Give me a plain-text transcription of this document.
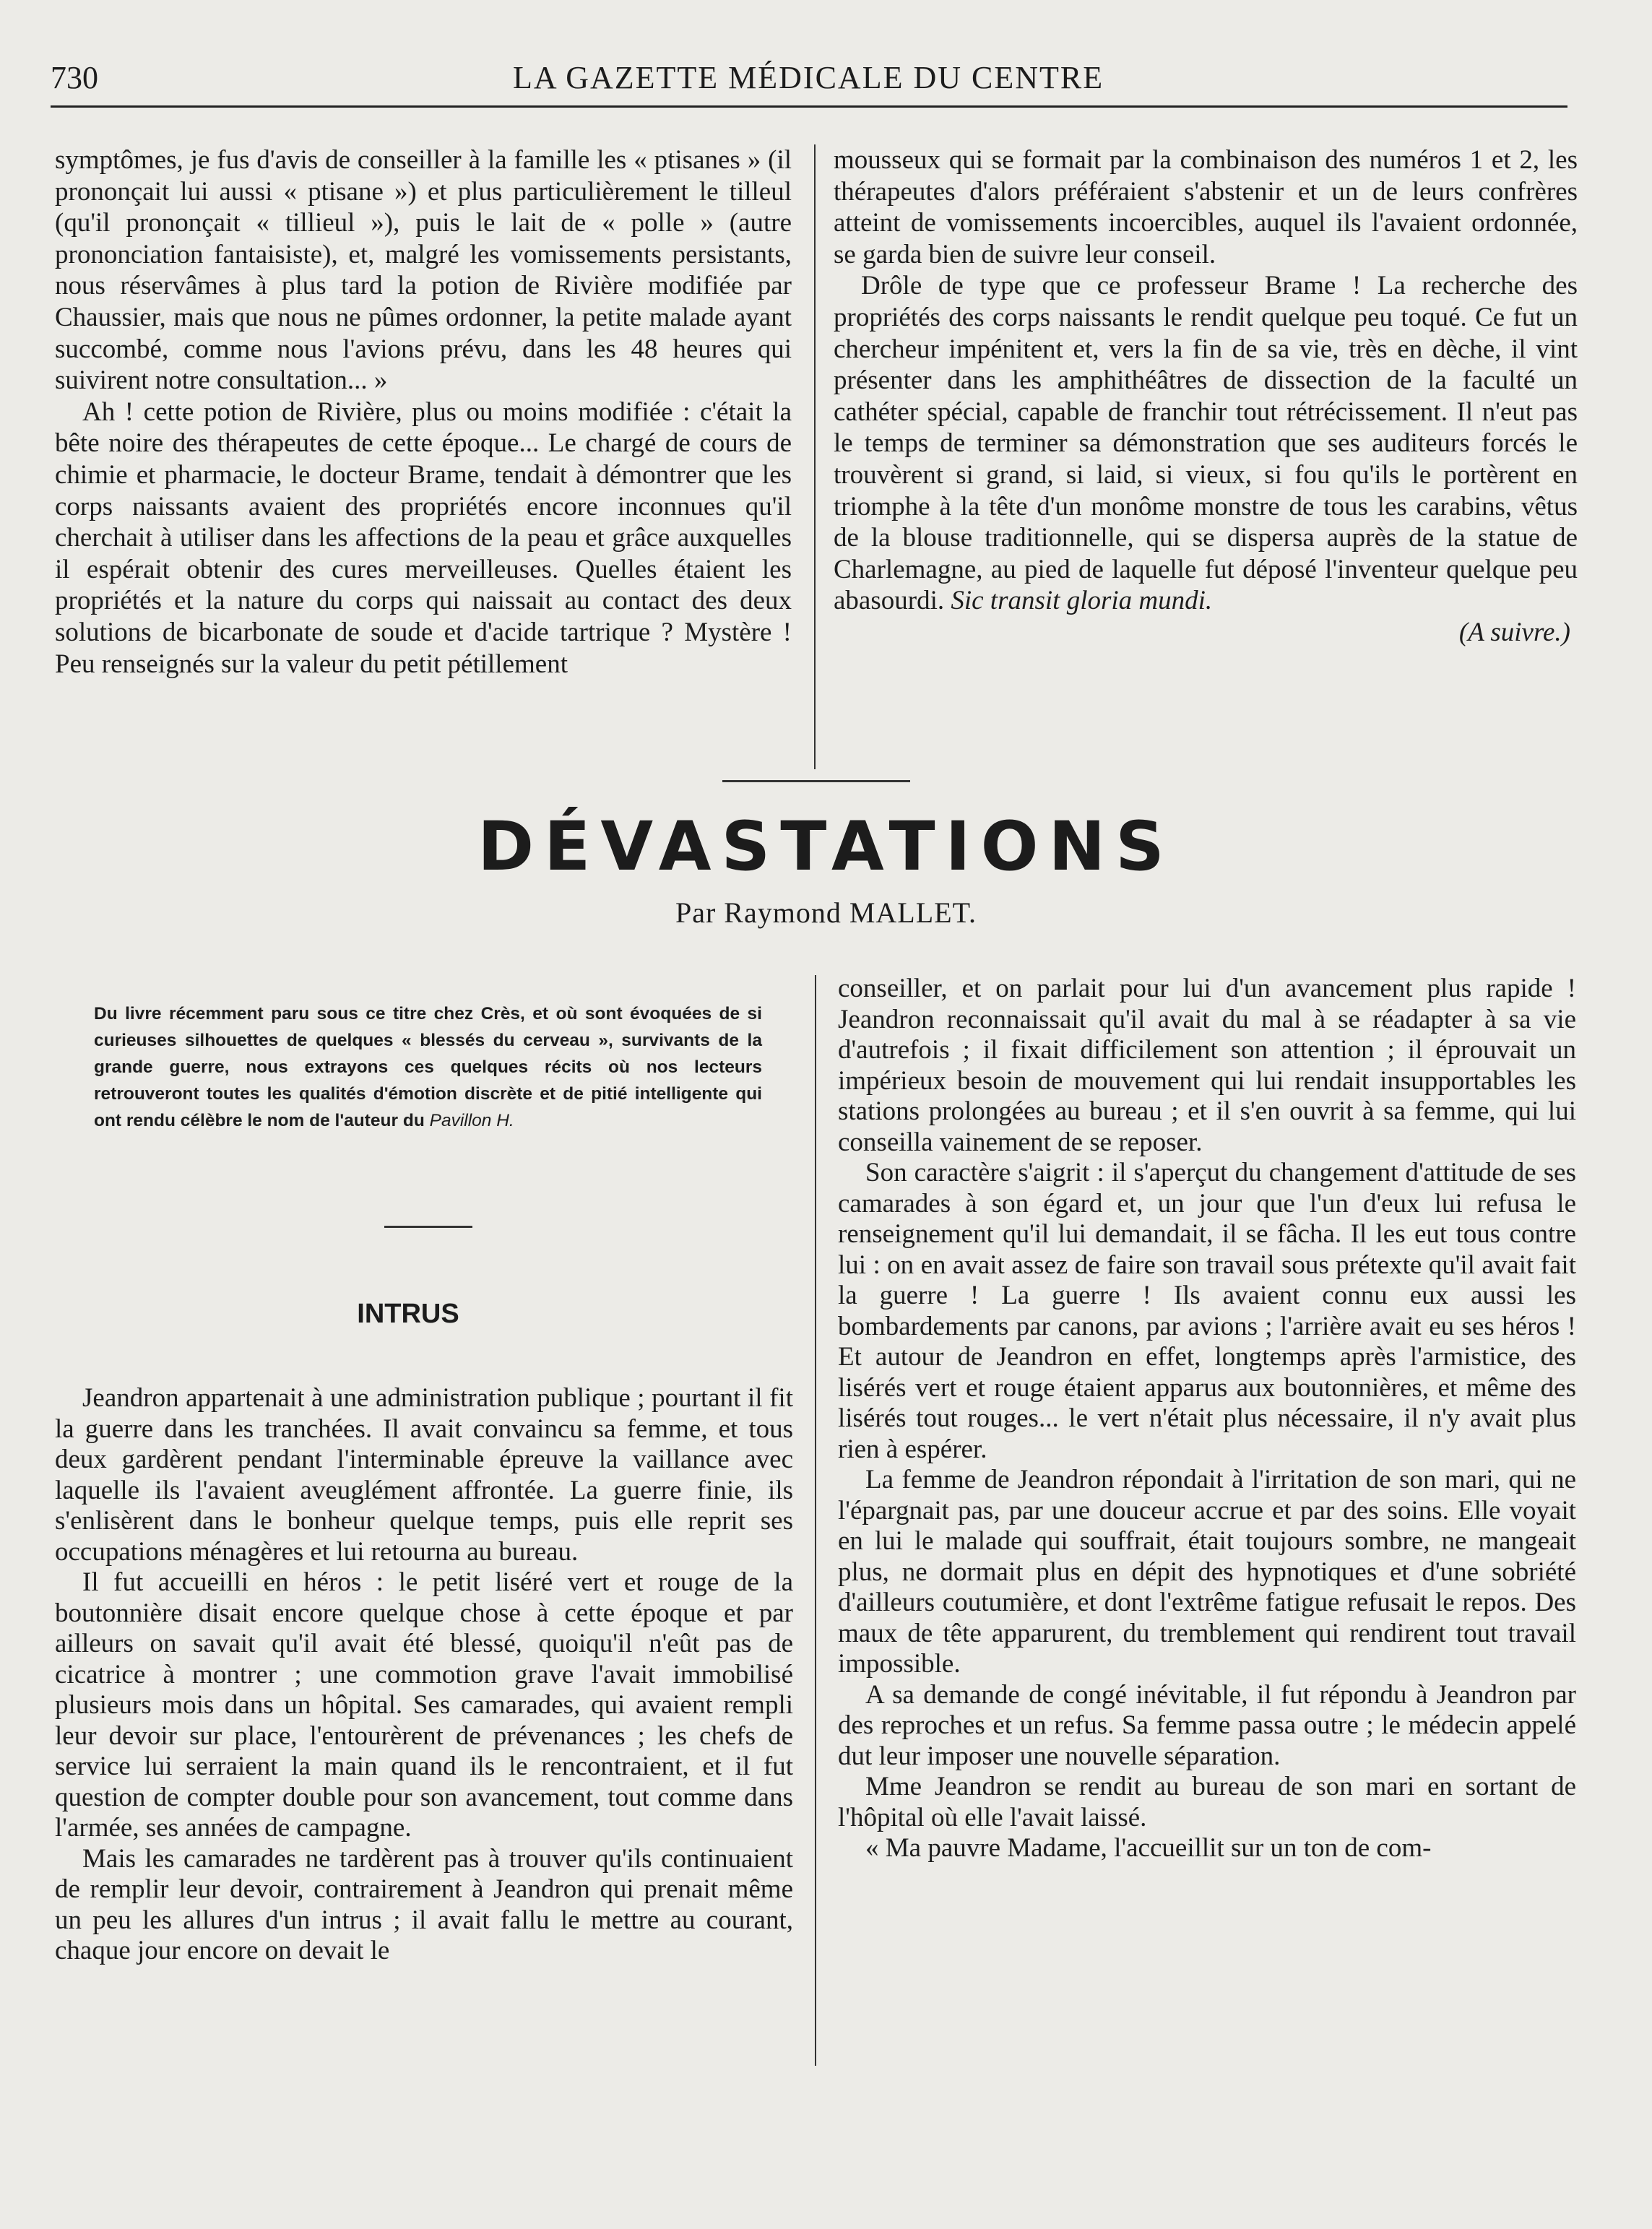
730	LA GAZETTE MÉDICALE DU CENTRE

symptômes, je fus d'avis de conseiller à la famille les « ptisanes » (il prononçait lui aussi « ptisane ») et plus particulièrement le tilleul (qu'il prononçait « tillieul »), puis le lait de « polle » (autre prononciation fantaisiste), et, malgré les vomissements persistants, nous réservâmes à plus tard la potion de Rivière modifiée par Chaussier, mais que nous ne pûmes ordonner, la petite malade ayant succombé, comme nous l'avions prévu, dans les 48 heures qui suivirent notre consultation... »

Ah ! cette potion de Rivière, plus ou moins modifiée : c'était la bête noire des thérapeutes de cette époque... Le chargé de cours de chimie et pharmacie, le docteur Brame, tendait à démontrer que les corps naissants avaient des propriétés encore inconnues qu'il cherchait à utiliser dans les affections de la peau et grâce auxquelles il espérait obtenir des cures merveilleuses. Quelles étaient les propriétés et la nature du corps qui naissait au contact des deux solutions de bicarbonate de soude et d'acide tartrique ? Mystère ! Peu renseignés sur la valeur du petit pétillement

mousseux qui se formait par la combinaison des numéros 1 et 2, les thérapeutes d'alors préféraient s'abstenir et un de leurs confrères atteint de vomissements incoercibles, auquel ils l'avaient ordonnée, se garda bien de suivre leur conseil.

Drôle de type que ce professeur Brame ! La recherche des propriétés des corps naissants le rendit quelque peu toqué. Ce fut un chercheur impénitent et, vers la fin de sa vie, très en dèche, il vint présenter dans les amphithéâtres de dissection de la faculté un cathéter spécial, capable de franchir tout rétrécissement. Il n'eut pas le temps de terminer sa démonstration que ses auditeurs forcés le trouvèrent si grand, si laid, si vieux, si fou qu'ils le portèrent en triomphe à la tête d'un monôme monstre de tous les carabins, vêtus de la blouse traditionnelle, qui se dispersa auprès de la statue de Charlemagne, au pied de laquelle fut déposé l'inventeur quelque peu abasourdi. Sic transit gloria mundi.

(A suivre.)

DÉVASTATIONS
Par Raymond MALLET.
Du livre récemment paru sous ce titre chez Crès, et où sont évoquées de si curieuses silhouettes de quelques « blessés du cerveau », survivants de la grande guerre, nous extrayons ces quelques récits où nos lecteurs retrouveront toutes les qualités d'émotion discrète et de pitié intelligente qui ont rendu célèbre le nom de l'auteur du Pavillon H.
INTRUS

Jeandron appartenait à une administration publique ; pourtant il fit la guerre dans les tranchées. Il avait convaincu sa femme, et tous deux gardèrent pendant l'interminable épreuve la vaillance avec laquelle ils l'avaient aveuglément affrontée. La guerre finie, ils s'enlisèrent dans le bonheur quelque temps, puis elle reprit ses occupations ménagères et lui retourna au bureau.

Il fut accueilli en héros : le petit liséré vert et rouge de la boutonnière disait encore quelque chose à cette époque et par ailleurs on savait qu'il avait été blessé, quoiqu'il n'eût pas de cicatrice à montrer ; une commotion grave l'avait immobilisé plusieurs mois dans un hôpital. Ses camarades, qui avaient rempli leur devoir sur place, l'entourèrent de prévenances ; les chefs de service lui serraient la main quand ils le rencontraient, et il fut question de compter double pour son avancement, tout comme dans l'armée, ses années de campagne.

Mais les camarades ne tardèrent pas à trouver qu'ils continuaient de remplir leur devoir, contrairement à Jeandron qui prenait même un peu les allures d'un intrus ; il avait fallu le mettre au courant, chaque jour encore on devait le

conseiller, et on parlait pour lui d'un avancement plus rapide ! Jeandron reconnaissait qu'il avait du mal à se réadapter à sa vie d'autrefois ; il fixait difficilement son attention ; il éprouvait un impérieux besoin de mouvement qui lui rendait insupportables les stations prolongées au bureau ; et il s'en ouvrit à sa femme, qui lui conseilla vainement de se reposer.

Son caractère s'aigrit : il s'aperçut du changement d'attitude de ses camarades à son égard et, un jour que l'un d'eux lui refusa le renseignement qu'il lui demandait, il se fâcha. Il les eut tous contre lui : on en avait assez de faire son travail sous prétexte qu'il avait fait la guerre ! La guerre ! Ils avaient connu eux aussi les bombardements par canons, par avions ; l'arrière avait eu ses héros ! Et autour de Jeandron en effet, longtemps après l'armistice, des lisérés vert et rouge étaient apparus aux boutonnières, et même des lisérés tout rouges... le vert n'était plus nécessaire, il n'y avait plus rien à espérer.

La femme de Jeandron répondait à l'irritation de son mari, qui ne l'épargnait pas, par une douceur accrue et par des soins. Elle voyait en lui le malade qui souffrait, était toujours sombre, ne mangeait plus, ne dormait plus en dépit des hypnotiques et d'une sobriété d'ailleurs coutumière, et dont l'extrême fatigue refusait le repos. Des maux de tête apparurent, du tremblement qui rendirent tout travail impossible.

A sa demande de congé inévitable, il fut répondu à Jeandron par des reproches et un refus. Sa femme passa outre ; le médecin appelé dut leur imposer une nouvelle séparation.

Mme Jeandron se rendit au bureau de son mari en sortant de l'hôpital où elle l'avait laissé.

« Ma pauvre Madame, l'accueillit sur un ton de com-
